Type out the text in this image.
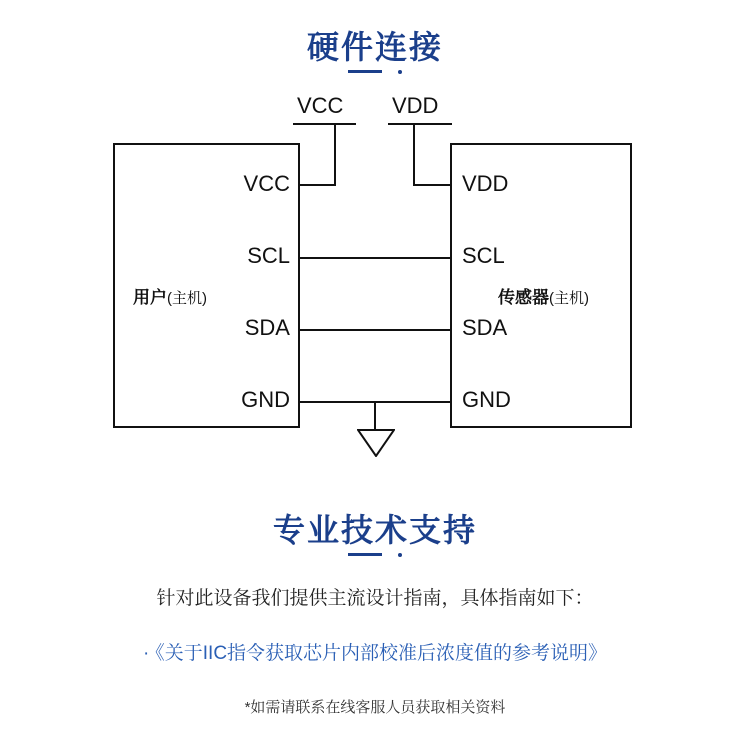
硬件连接
VCC VDD
用户(主机)
VCC
SCL
SDA
GND
传感器(主机)
VDD
SCL
SDA
GND
专业技术支持
针对此设备我们提供主流设计指南，具体指南如下：
· 《关于IIC指令获取芯片内部校准后浓度值的参考说明》
*如需请联系在线客服人员获取相关资料
